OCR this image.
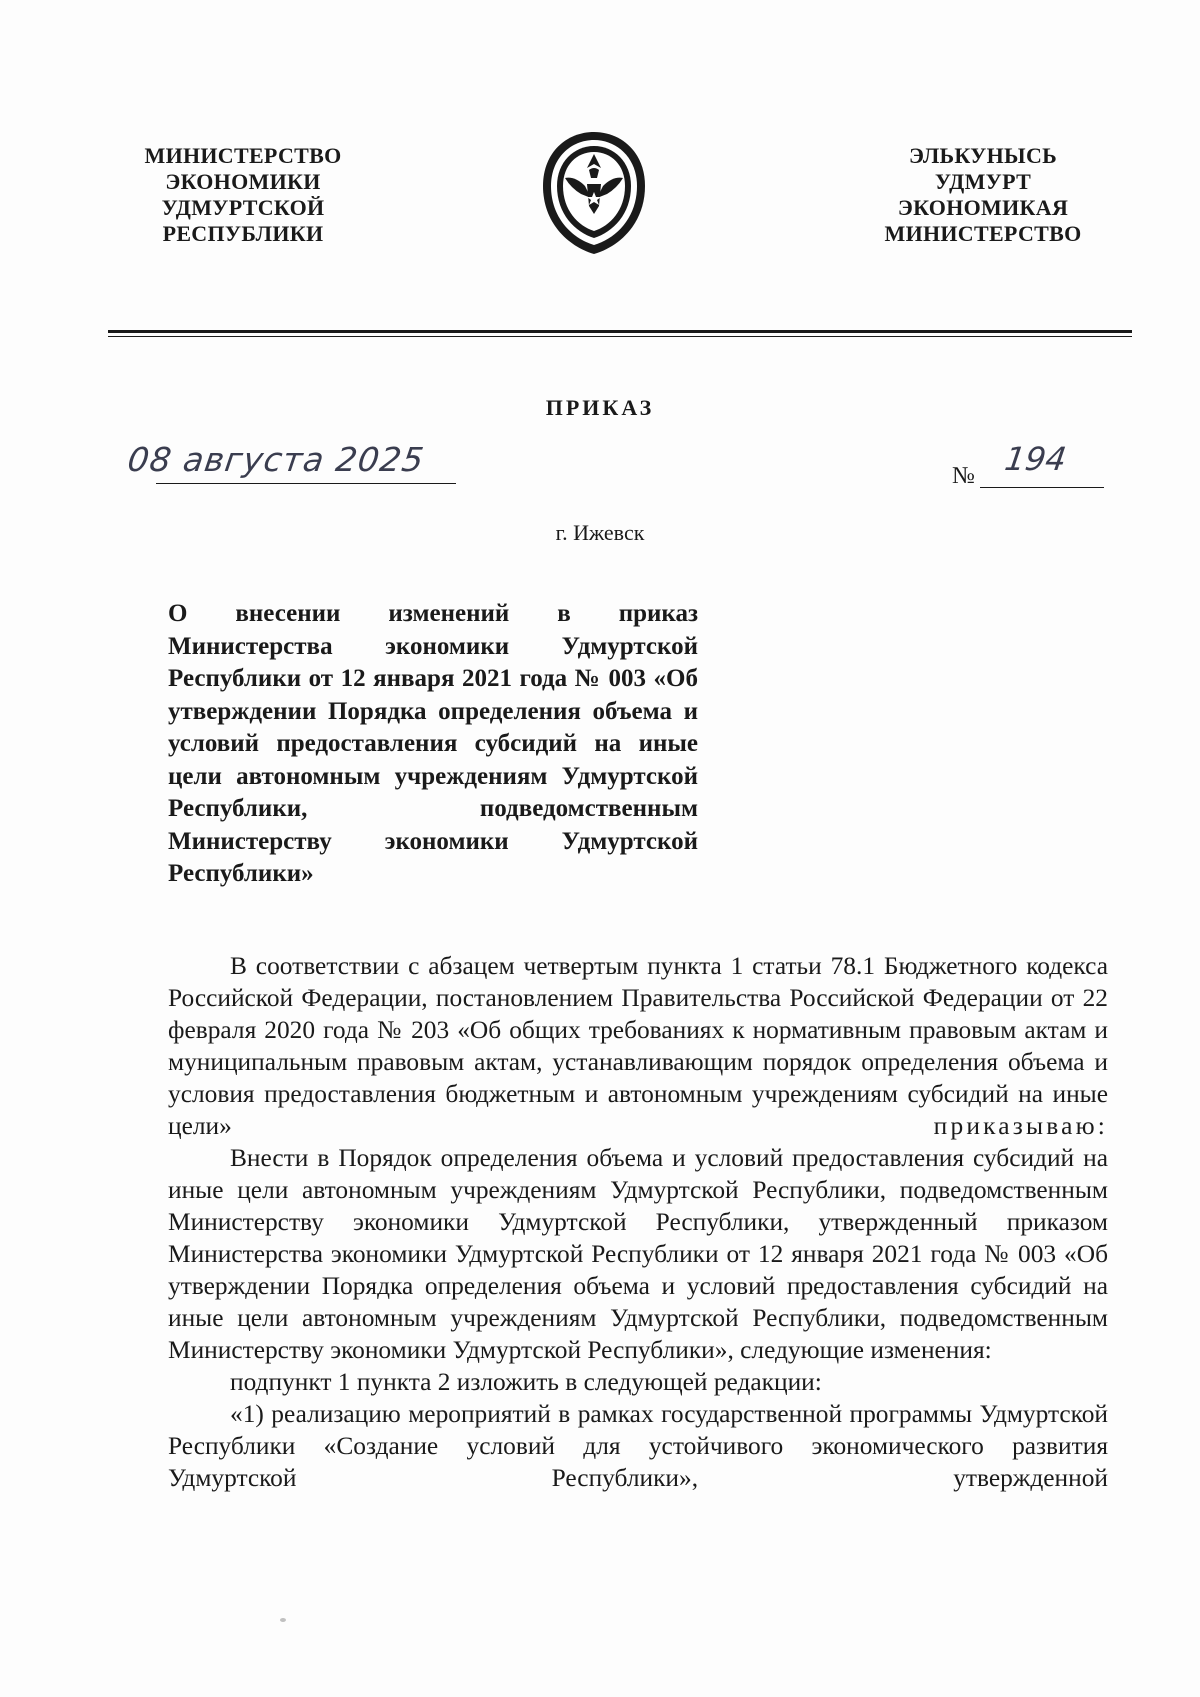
МИНИСТЕРСТВО
ЭКОНОМИКИ
УДМУРТСКОЙ
РЕСПУБЛИКИ
ЭЛЬКУНЫСЬ
УДМУРТ
ЭКОНОМИКАЯ
МИНИСТЕРСТВО
ПРИКАЗ
08 августа 2025	№ 194
г. Ижевск
О внесении изменений в приказ Министерства экономики Удмуртской Республики от 12 января 2021 года № 003 «Об утверждении Порядка определения объема и условий предоставления субсидий на иные цели автономным учреждениям Удмуртской Республики, подведомственным Министерству экономики Удмуртской Республики»

В соответствии с абзацем четвертым пункта 1 статьи 78.1 Бюджетного кодекса Российской Федерации, постановлением Правительства Российской Федерации от 22 февраля 2020 года № 203 «Об общих требованиях к нормативным правовым актам и муниципальным правовым актам, устанавливающим порядок определения объема и условия предоставления бюджетным и автономным учреждениям субсидий на иные цели»	приказываю:

Внести в Порядок определения объема и условий предоставления субсидий на иные цели автономным учреждениям Удмуртской Республики, подведомственным Министерству экономики Удмуртской Республики, утвержденный приказом Министерства экономики Удмуртской Республики от 12 января 2021 года № 003 «Об утверждении Порядка определения объема и условий предоставления субсидий на иные цели автономным учреждениям Удмуртской Республики, подведомственным Министерству экономики Удмуртской Республики», следующие изменения:

подпункт 1 пункта 2 изложить в следующей редакции:

«1) реализацию мероприятий в рамках государственной программы Удмуртской Республики «Создание условий для устойчивого экономического развития Удмуртской Республики», утвержденной
